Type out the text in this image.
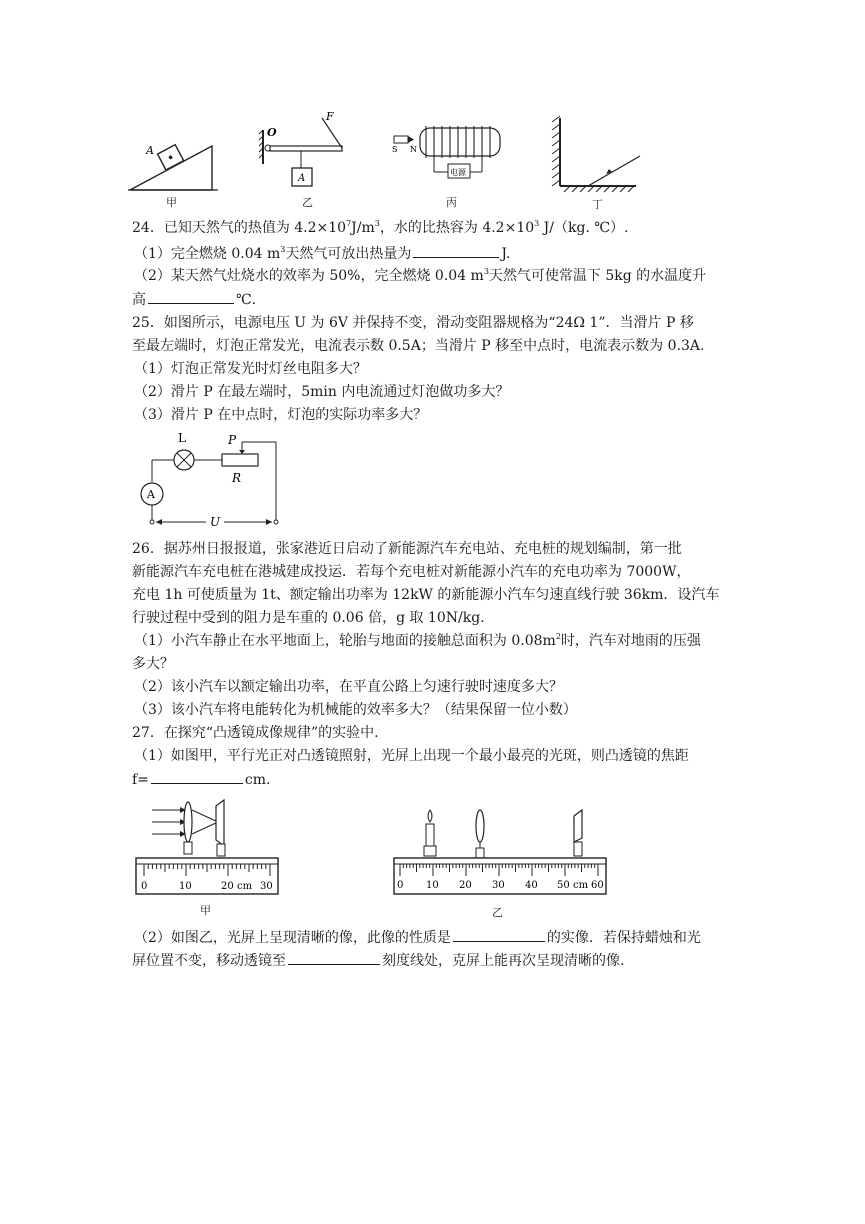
A
甲
O
F
A
乙
S N
电源
丙	丁
24．已知天然气的热值为 $4.2\times 10^7J/m^3$，水的比热容为 $4.2\times 10^3$ J/（kg. ℃）.
（1）完全燃烧 0.04 $m^3$天然气可放出热量为	J.
（2）某天然气灶烧水的效率为 50%，完全燃烧 0.04 $m^3$天然气可使常温下 5kg 的水温度升
高	℃.
25．如图所示，电源电压 U 为 6V 并保持不变，滑动变阻器规格为“24Ω 1”．当滑片 P 移
至最左端时，灯泡正常发光，电流表示数 0.5A；当滑片 P 移至中点时，电流表示数为 0.3A.
（1）灯泡正常发光时灯丝电阻多大？
（2）滑片 P 在最左端时，5min 内电流通过灯泡做功多大？
（3）滑片 P 在中点时，灯泡的实际功率多大？
A
U
L	P
R
26．据苏州日报报道，张家港近日启动了新能源汽车充电站、充电桩的规划编制，第一批
新能源汽车充电桩在港城建成投运．若每个充电桩对新能源小汽车的充电功率为 7000W，
充电 1h 可使质量为 1t、额定输出功率为 12kW 的新能源小汽车匀速直线行驶 36km．设汽车
行驶过程中受到的阻力是车重的 0.06 倍，g 取 10N/kg.
（1）小汽车静止在水平地面上，轮胎与地面的接触总面积为 $0.08m^2$时，汽车对地雨的压强
多大？
（2）该小汽车以额定输出功率，在平直公路上匀速行驶时速度多大？
（3）该小汽车将电能转化为机械能的效率多大？（结果保留一位小数）
27．在探究“凸透镜成像规律”的实验中.
（1）如图甲，平行光正对凸透镜照射，光屏上出现一个最小最亮的光斑，则凸透镜的焦距
f=	cm.
0	10	20 cm 30
甲
0 10 20 30 40 50 cm 60
乙
（2）如图乙，光屏上呈现清晰的像，此像的性质是	的实像．若保持蜡烛和光
屏位置不变，移动透镜至	刻度线处，克屏上能再次呈现清晰的像.
